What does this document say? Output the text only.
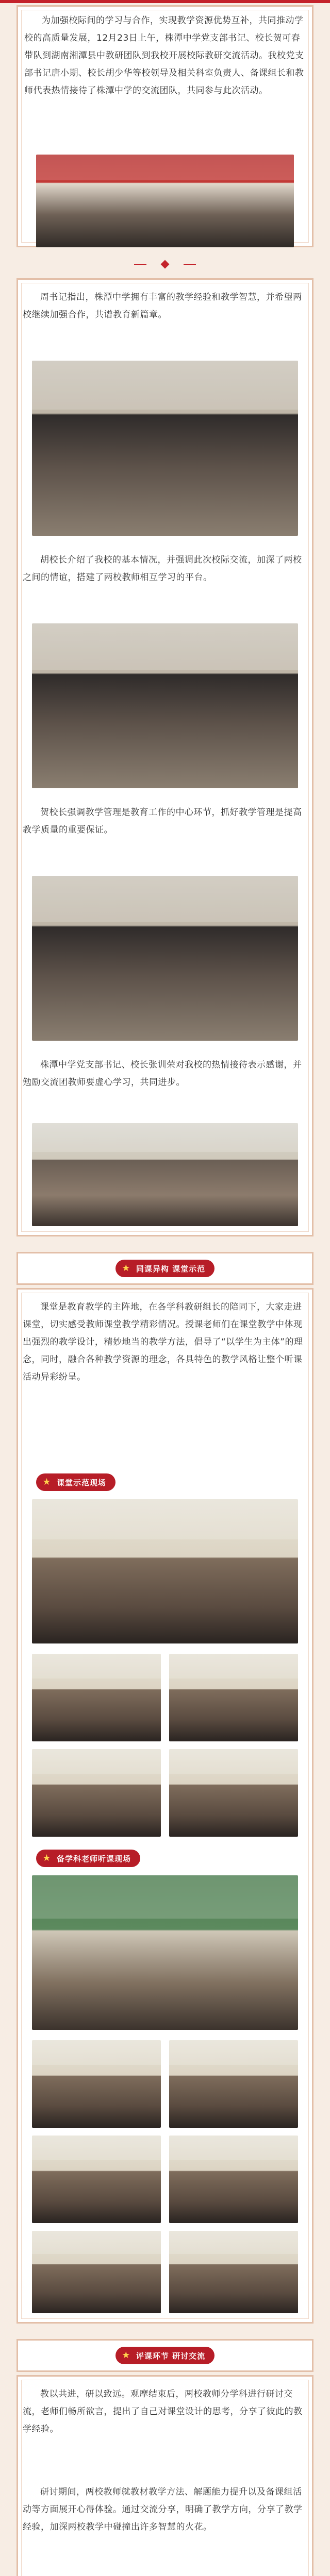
为加强校际间的学习与合作，实现教学资源优势互补，共同推动学校的高质量发展，12月23日上午，株潭中学党支部书记、校长贺可春带队到湖南湘潭县中教研团队到我校开展校际教研交流活动。我校党支部书记唐小期、校长胡少华等校领导及相关科室负责人、备课组长和教师代表热情接待了株潭中学的交流团队，共同参与此次活动。
周书记指出，株潭中学拥有丰富的教学经验和教学智慧，并希望两校继续加强合作，共谱教育新篇章。
胡校长介绍了我校的基本情况，并强调此次校际交流，加深了两校之间的情谊，搭建了两校教师相互学习的平台。
贺校长强调教学管理是教育工作的中心环节，抓好教学管理是提高教学质量的重要保证。
株潭中学党支部书记、校长张训荣对我校的热情接待表示感谢，并勉励交流团教师要虚心学习，共同进步。
★ 同课异构 课堂示范
课堂是教育教学的主阵地，在各学科教研组长的陪同下，大家走进课堂，切实感受教师课堂教学精彩情况。授课老师们在课堂教学中体现出强烈的教学设计，精妙地当的教学方法，倡导了“以学生为主体”的理念，同时，融合各种教学资源的理念，各具特色的教学风格让整个听课活动异彩纷呈。
★ 课堂示范现场
★ 备学科老师听课现场
★ 评课环节 研讨交流
教以共进，研以致远。观摩结束后，两校教师分学科进行研讨交流，老师们畅所欲言，提出了自己对课堂设计的思考，分享了彼此的教学经验。
研讨期间，两校教师就教材教学方法、解题能力提升以及备课组活动等方面展开心得体验。通过交流分享，明确了教学方向，分享了教学经验，加深两校教学中碰撞出许多智慧的火花。
